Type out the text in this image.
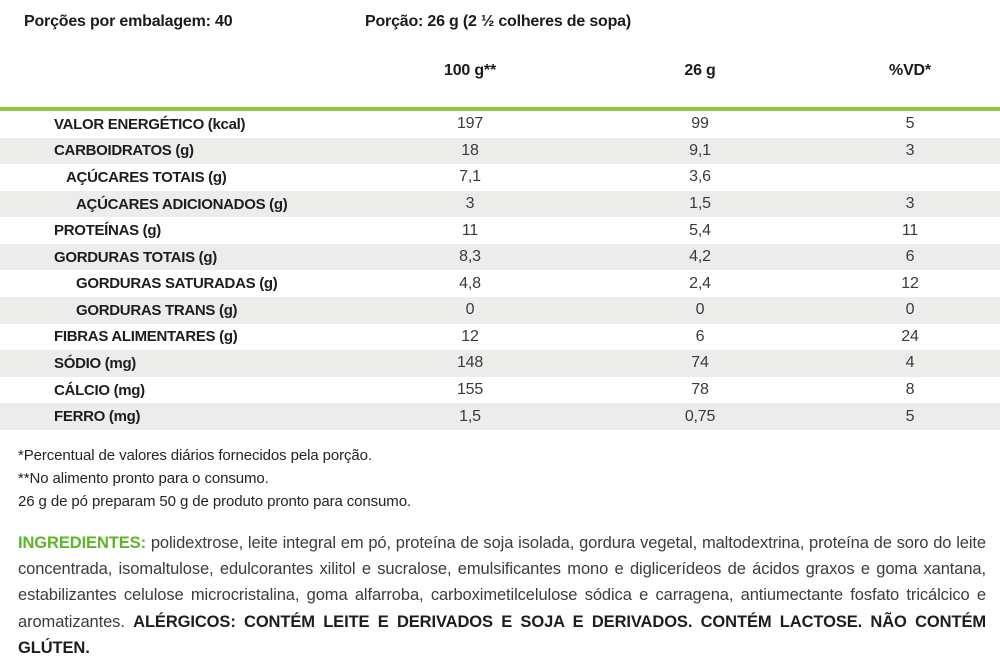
Porções por embalagem: 40	Porção: 26 g (2 ½ colheres de sopa)
100 g**	26 g	%VD*
VALOR ENERGÉTICO (kcal)	197	99	5
CARBOIDRATOS (g)	18	9,1	3
AÇÚCARES TOTAIS (g)	7,1	3,6
AÇÚCARES ADICIONADOS (g)	3	1,5	3
PROTEÍNAS (g)	11	5,4	11
GORDURAS TOTAIS (g)	8,3	4,2	6
GORDURAS SATURADAS (g)	4,8	2,4	12
GORDURAS TRANS (g)	0	0	0
FIBRAS ALIMENTARES (g)	12	6	24
SÓDIO (mg)	148	74	4
CÁLCIO (mg)	155	78	8
FERRO (mg)	1,5	0,75	5
*Percentual de valores diários fornecidos pela porção.
**No alimento pronto para o consumo.
26 g de pó preparam 50 g de produto pronto para consumo.

INGREDIENTES: polidextrose, leite integral em pó, proteína de soja isolada, gordura vegetal, maltodextrina, proteína de soro do leite concentrada, isomaltulose, edulcorantes xilitol e sucralose, emulsificantes mono e diglicerídeos de ácidos graxos e goma xantana, estabilizantes celulose microcristalina, goma alfarroba, carboximetilcelulose sódica e carragena, antiumectante fosfato tricálcico e aromatizantes. ALÉRGICOS: CONTÉM LEITE E DERIVADOS E SOJA E DERIVADOS. CONTÉM LACTOSE. NÃO CONTÉM GLÚTEN.
